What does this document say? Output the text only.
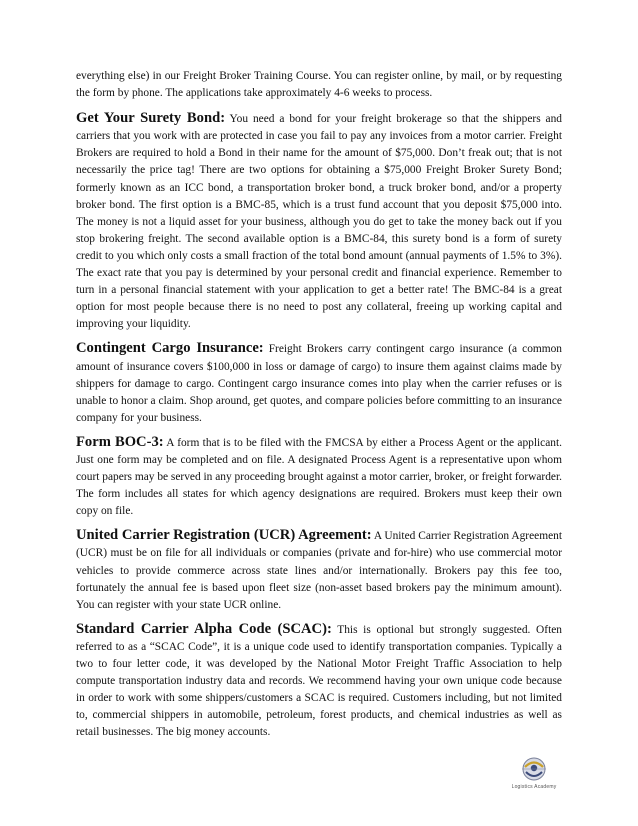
everything else) in our Freight Broker Training Course. You can register online, by mail, or by requesting the form by phone. The applications take approximately 4-6 weeks to process.

Get Your Surety Bond: You need a bond for your freight brokerage so that the shippers and carriers that you work with are protected in case you fail to pay any invoices from a motor carrier. Freight Brokers are required to hold a Bond in their name for the amount of $75,000. Don’t freak out; that is not necessarily the price tag! There are two options for obtaining a $75,000 Freight Broker Surety Bond; formerly known as an ICC bond, a transportation broker bond, a truck broker bond, and/or a property broker bond. The first option is a BMC-85, which is a trust fund account that you deposit $75,000 into. The money is not a liquid asset for your business, although you do get to take the money back out if you stop brokering freight. The second available option is a BMC-84, this surety bond is a form of surety credit to you which only costs a small fraction of the total bond amount (annual payments of 1.5% to 3%). The exact rate that you pay is determined by your personal credit and financial experience. Remember to turn in a personal financial statement with your application to get a better rate! The BMC-84 is a great option for most people because there is no need to post any collateral, freeing up working capital and improving your liquidity.

Contingent Cargo Insurance: Freight Brokers carry contingent cargo insurance (a common amount of insurance covers $100,000 in loss or damage of cargo) to insure them against claims made by shippers for damage to cargo. Contingent cargo insurance comes into play when the carrier refuses or is unable to honor a claim. Shop around, get quotes, and compare policies before committing to an insurance company for your business.

Form BOC-3: A form that is to be filed with the FMCSA by either a Process Agent or the applicant. Just one form may be completed and on file. A designated Process Agent is a representative upon whom court papers may be served in any proceeding brought against a motor carrier, broker, or freight forwarder. The form includes all states for which agency designations are required. Brokers must keep their own copy on file.

United Carrier Registration (UCR) Agreement: A United Carrier Registration Agreement (UCR) must be on file for all individuals or companies (private and for-hire) who use commercial motor vehicles to provide commerce across state lines and/or internationally. Brokers pay this fee too, fortunately the annual fee is based upon fleet size (non-asset based brokers pay the minimum amount). You can register with your state UCR online.

Standard Carrier Alpha Code (SCAC): This is optional but strongly suggested. Often referred to as a “SCAC Code”, it is a unique code used to identify transportation companies. Typically a two to four letter code, it was developed by the National Motor Freight Traffic Association to help compute transportation industry data and records. We recommend having your own unique code because in order to work with some shippers/customers a SCAC is required. Customers including, but not limited to, commercial shippers in automobile, petroleum, forest products, and chemical industries as well as retail businesses. The big money accounts.

Logistics Academy
